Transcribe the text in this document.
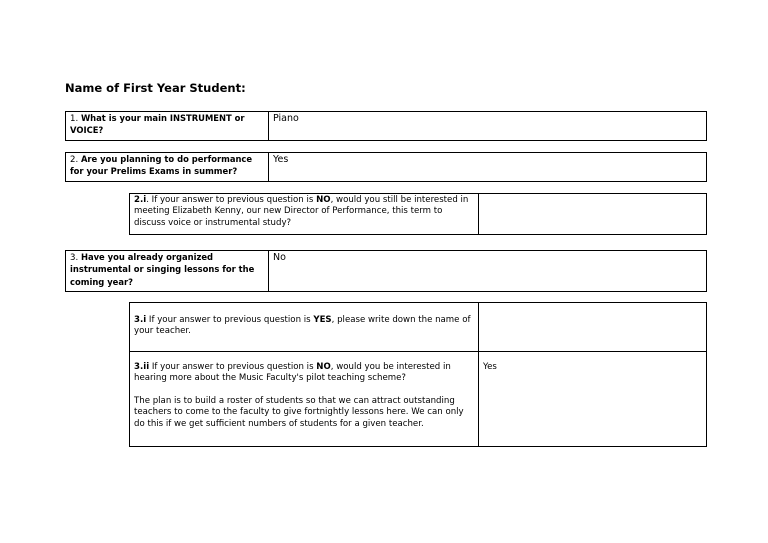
Name of First Year Student:
1. What is your main INSTRUMENT or VOICE?	Piano
2. Are you planning to do performance for your Prelims Exams in summer?	Yes
2.i. If your answer to previous question is NO, would you still be interested in meeting Elizabeth Kenny, our new Director of Performance, this term to discuss voice or instrumental study?	
3. Have you already organized instrumental or singing lessons for the coming year?	No
3.i If your answer to previous question is YES, please write down the name of your teacher.	

3.ii If your answer to previous question is NO, would you be interested in hearing more about the Music Faculty's pilot teaching scheme?

The plan is to build a roster of students so that we can attract outstanding teachers to come to the faculty to give fortnightly lessons here. We can only do this if we get sufficient numbers of students for a given teacher.	Yes
